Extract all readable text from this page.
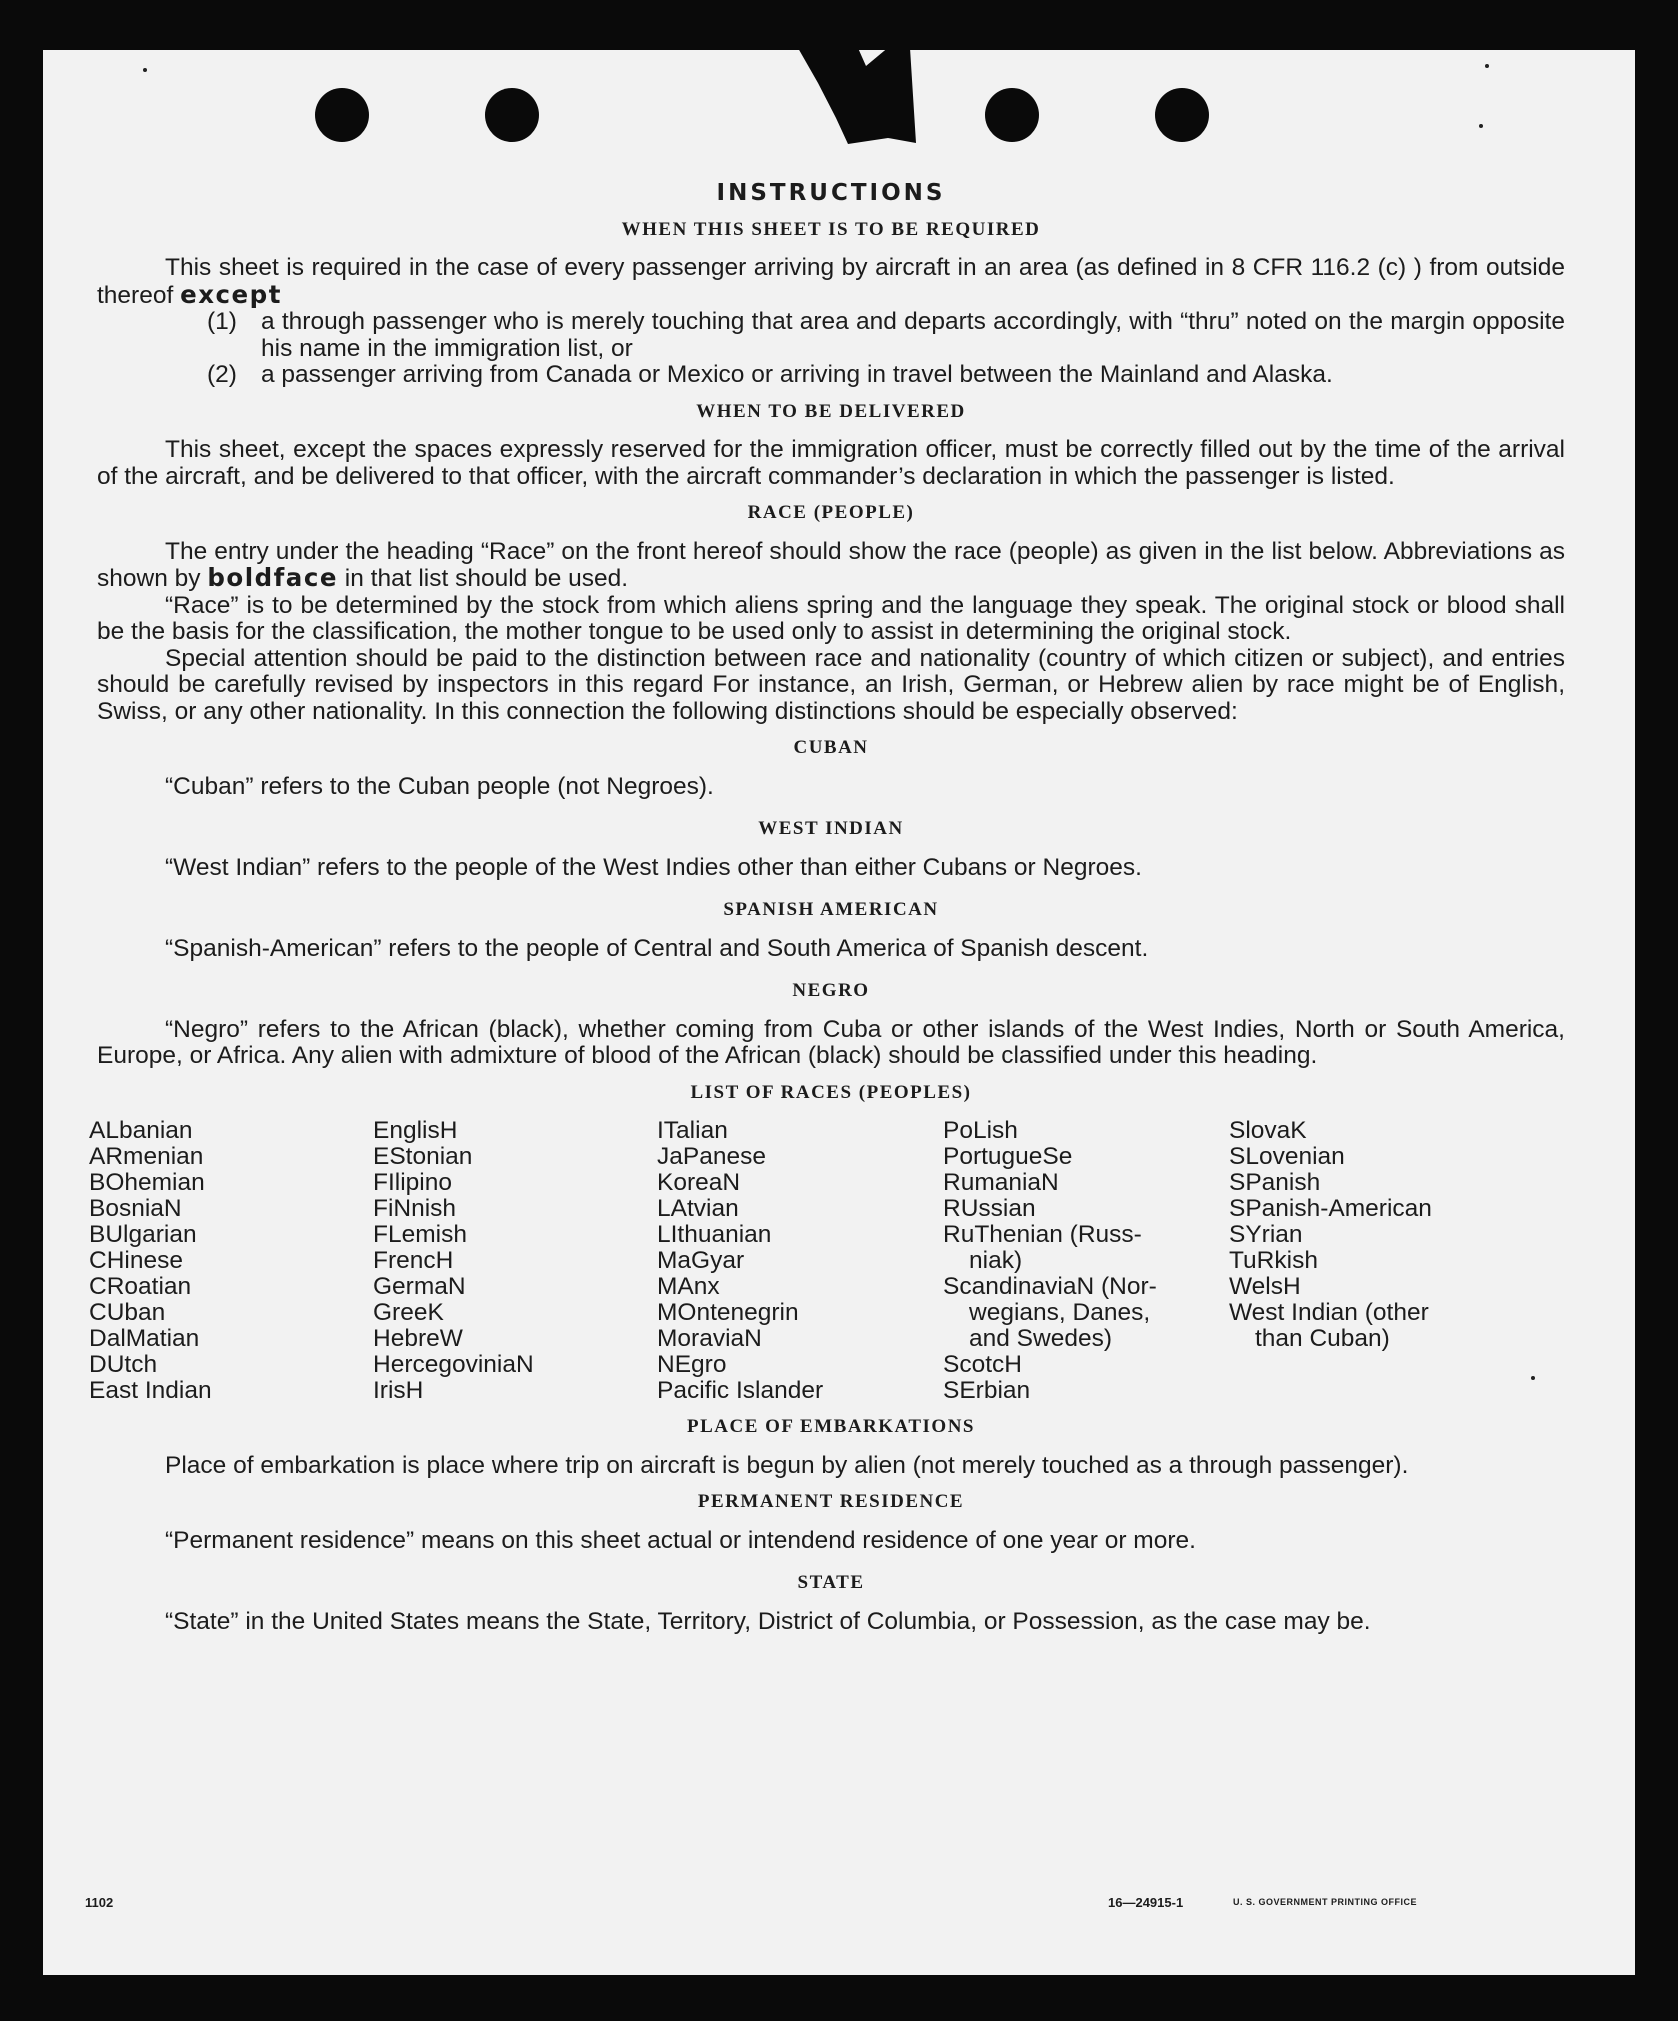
INSTRUCTIONS
WHEN THIS SHEET IS TO BE REQUIRED

This sheet is required in the case of every passenger arriving by aircraft in an area (as defined in 8 CFR 116.2 (c) ) from outside thereof except

(1) a through passenger who is merely touching that area and departs accordingly, with “thru” noted on the margin opposite his name in the immigration list, or
(2) a passenger arriving from Canada or Mexico or arriving in travel between the Mainland and Alaska.
WHEN TO BE DELIVERED

This sheet, except the spaces expressly reserved for the immigration officer, must be correctly filled out by the time of the arrival of the aircraft, and be delivered to that officer, with the aircraft commander’s declaration in which the passenger is listed.

RACE (PEOPLE)

The entry under the heading “Race” on the front hereof should show the race (people) as given in the list below. Abbreviations as shown by boldface in that list should be used.

“Race” is to be determined by the stock from which aliens spring and the language they speak. The original stock or blood shall be the basis for the classification, the mother tongue to be used only to assist in determining the original stock.

Special attention should be paid to the distinction between race and nationality (country of which citizen or subject), and entries should be carefully revised by inspectors in this regard For instance, an Irish, German, or Hebrew alien by race might be of English, Swiss, or any other nationality. In this connection the following distinctions should be especially observed:

CUBAN

“Cuban” refers to the Cuban people (not Negroes).

WEST INDIAN

“West Indian” refers to the people of the West Indies other than either Cubans or Negroes.

SPANISH AMERICAN

“Spanish-American” refers to the people of Central and South America of Spanish descent.

NEGRO

“Negro” refers to the African (black), whether coming from Cuba or other islands of the West Indies, North or South America, Europe, or Africa. Any alien with admixture of blood of the African (black) should be classified under this heading.

LIST OF RACES (PEOPLES)
ALbanian
ARmenian
BOhemian
BosniaN
BUlgarian
CHinese
CRoatian
CUban
DalMatian
DUtch
East Indian
EnglisH
EStonian
FIlipino
FiNnish
FLemish
FrencH
GermaN
GreeK
HebreW
HercegoviniaN
IrisH
ITalian
JaPanese
KoreaN
LAtvian
LIthuanian
MaGyar
MAnx
MOntenegrin
MoraviaN
NEgro
Pacific Islander
PoLish
PortugueSe
RumaniaN
RUssian
RuThenian (Russ-
niak)
ScandinaviaN (Nor-
wegians, Danes,
and Swedes)
ScotcH
SErbian
SlovaK
SLovenian
SPanish
SPanish-American
SYrian
TuRkish
WelsH
West Indian (other
than Cuban)
PLACE OF EMBARKATIONS

Place of embarkation is place where trip on aircraft is begun by alien (not merely touched as a through passenger).

PERMANENT RESIDENCE

“Permanent residence” means on this sheet actual or intendend residence of one year or more.

STATE

“State” in the United States means the State, Territory, District of Columbia, or Possession, as the case may be.

1102	16—24915-1	U. S. GOVERNMENT PRINTING OFFICE
